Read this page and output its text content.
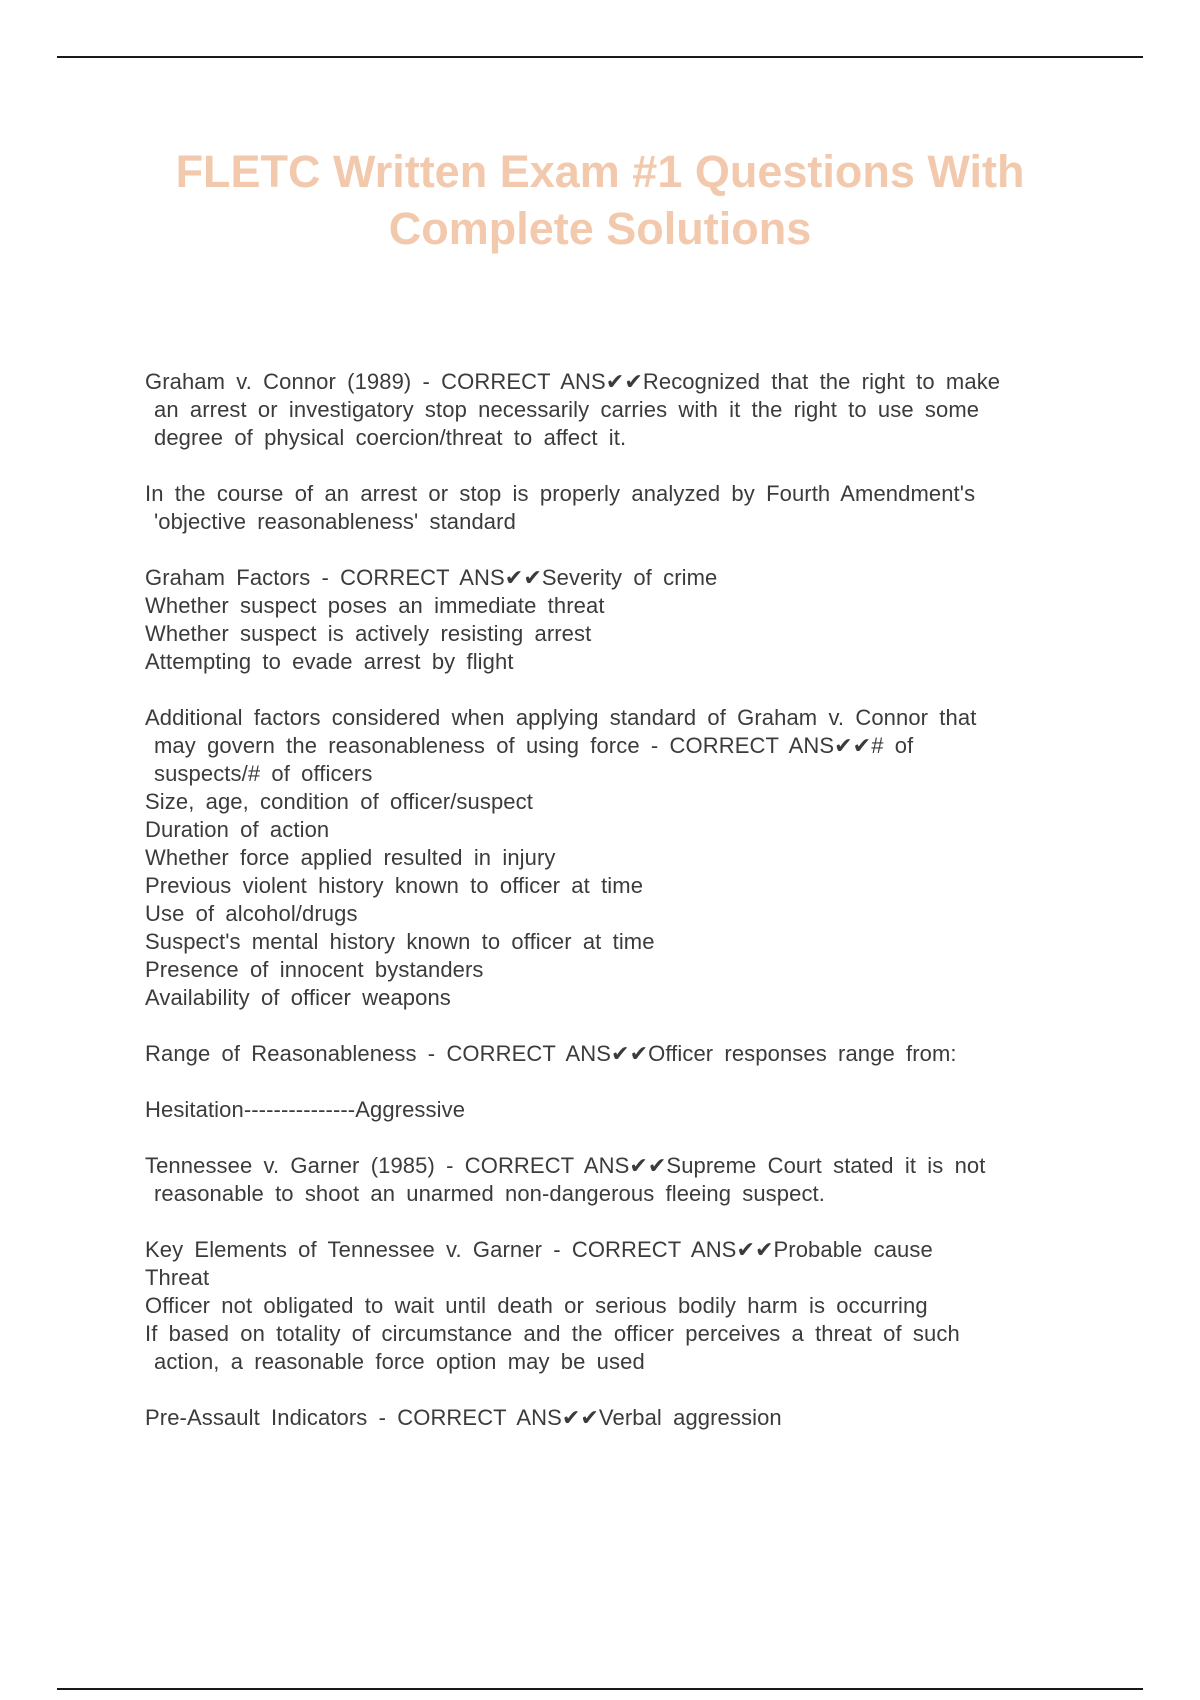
FLETC Written Exam #1 Questions With
Complete Solutions

Graham v. Connor (1989) - CORRECT ANS✔✔Recognized that the right to make
an arrest or investigatory stop necessarily carries with it the right to use some
degree of physical coercion/threat to affect it.

In the course of an arrest or stop is properly analyzed by Fourth Amendment's
'objective reasonableness' standard

Graham Factors - CORRECT ANS✔✔Severity of crime
Whether suspect poses an immediate threat
Whether suspect is actively resisting arrest
Attempting to evade arrest by flight

Additional factors considered when applying standard of Graham v. Connor that
may govern the reasonableness of using force - CORRECT ANS✔✔# of
suspects/# of officers
Size, age, condition of officer/suspect
Duration of action
Whether force applied resulted in injury
Previous violent history known to officer at time
Use of alcohol/drugs
Suspect's mental history known to officer at time
Presence of innocent bystanders
Availability of officer weapons

Range of Reasonableness - CORRECT ANS✔✔Officer responses range from:

Hesitation---------------Aggressive

Tennessee v. Garner (1985) - CORRECT ANS✔✔Supreme Court stated it is not
reasonable to shoot an unarmed non-dangerous fleeing suspect.

Key Elements of Tennessee v. Garner - CORRECT ANS✔✔Probable cause
Threat
Officer not obligated to wait until death or serious bodily harm is occurring
If based on totality of circumstance and the officer perceives a threat of such
action, a reasonable force option may be used

Pre-Assault Indicators - CORRECT ANS✔✔Verbal aggression
